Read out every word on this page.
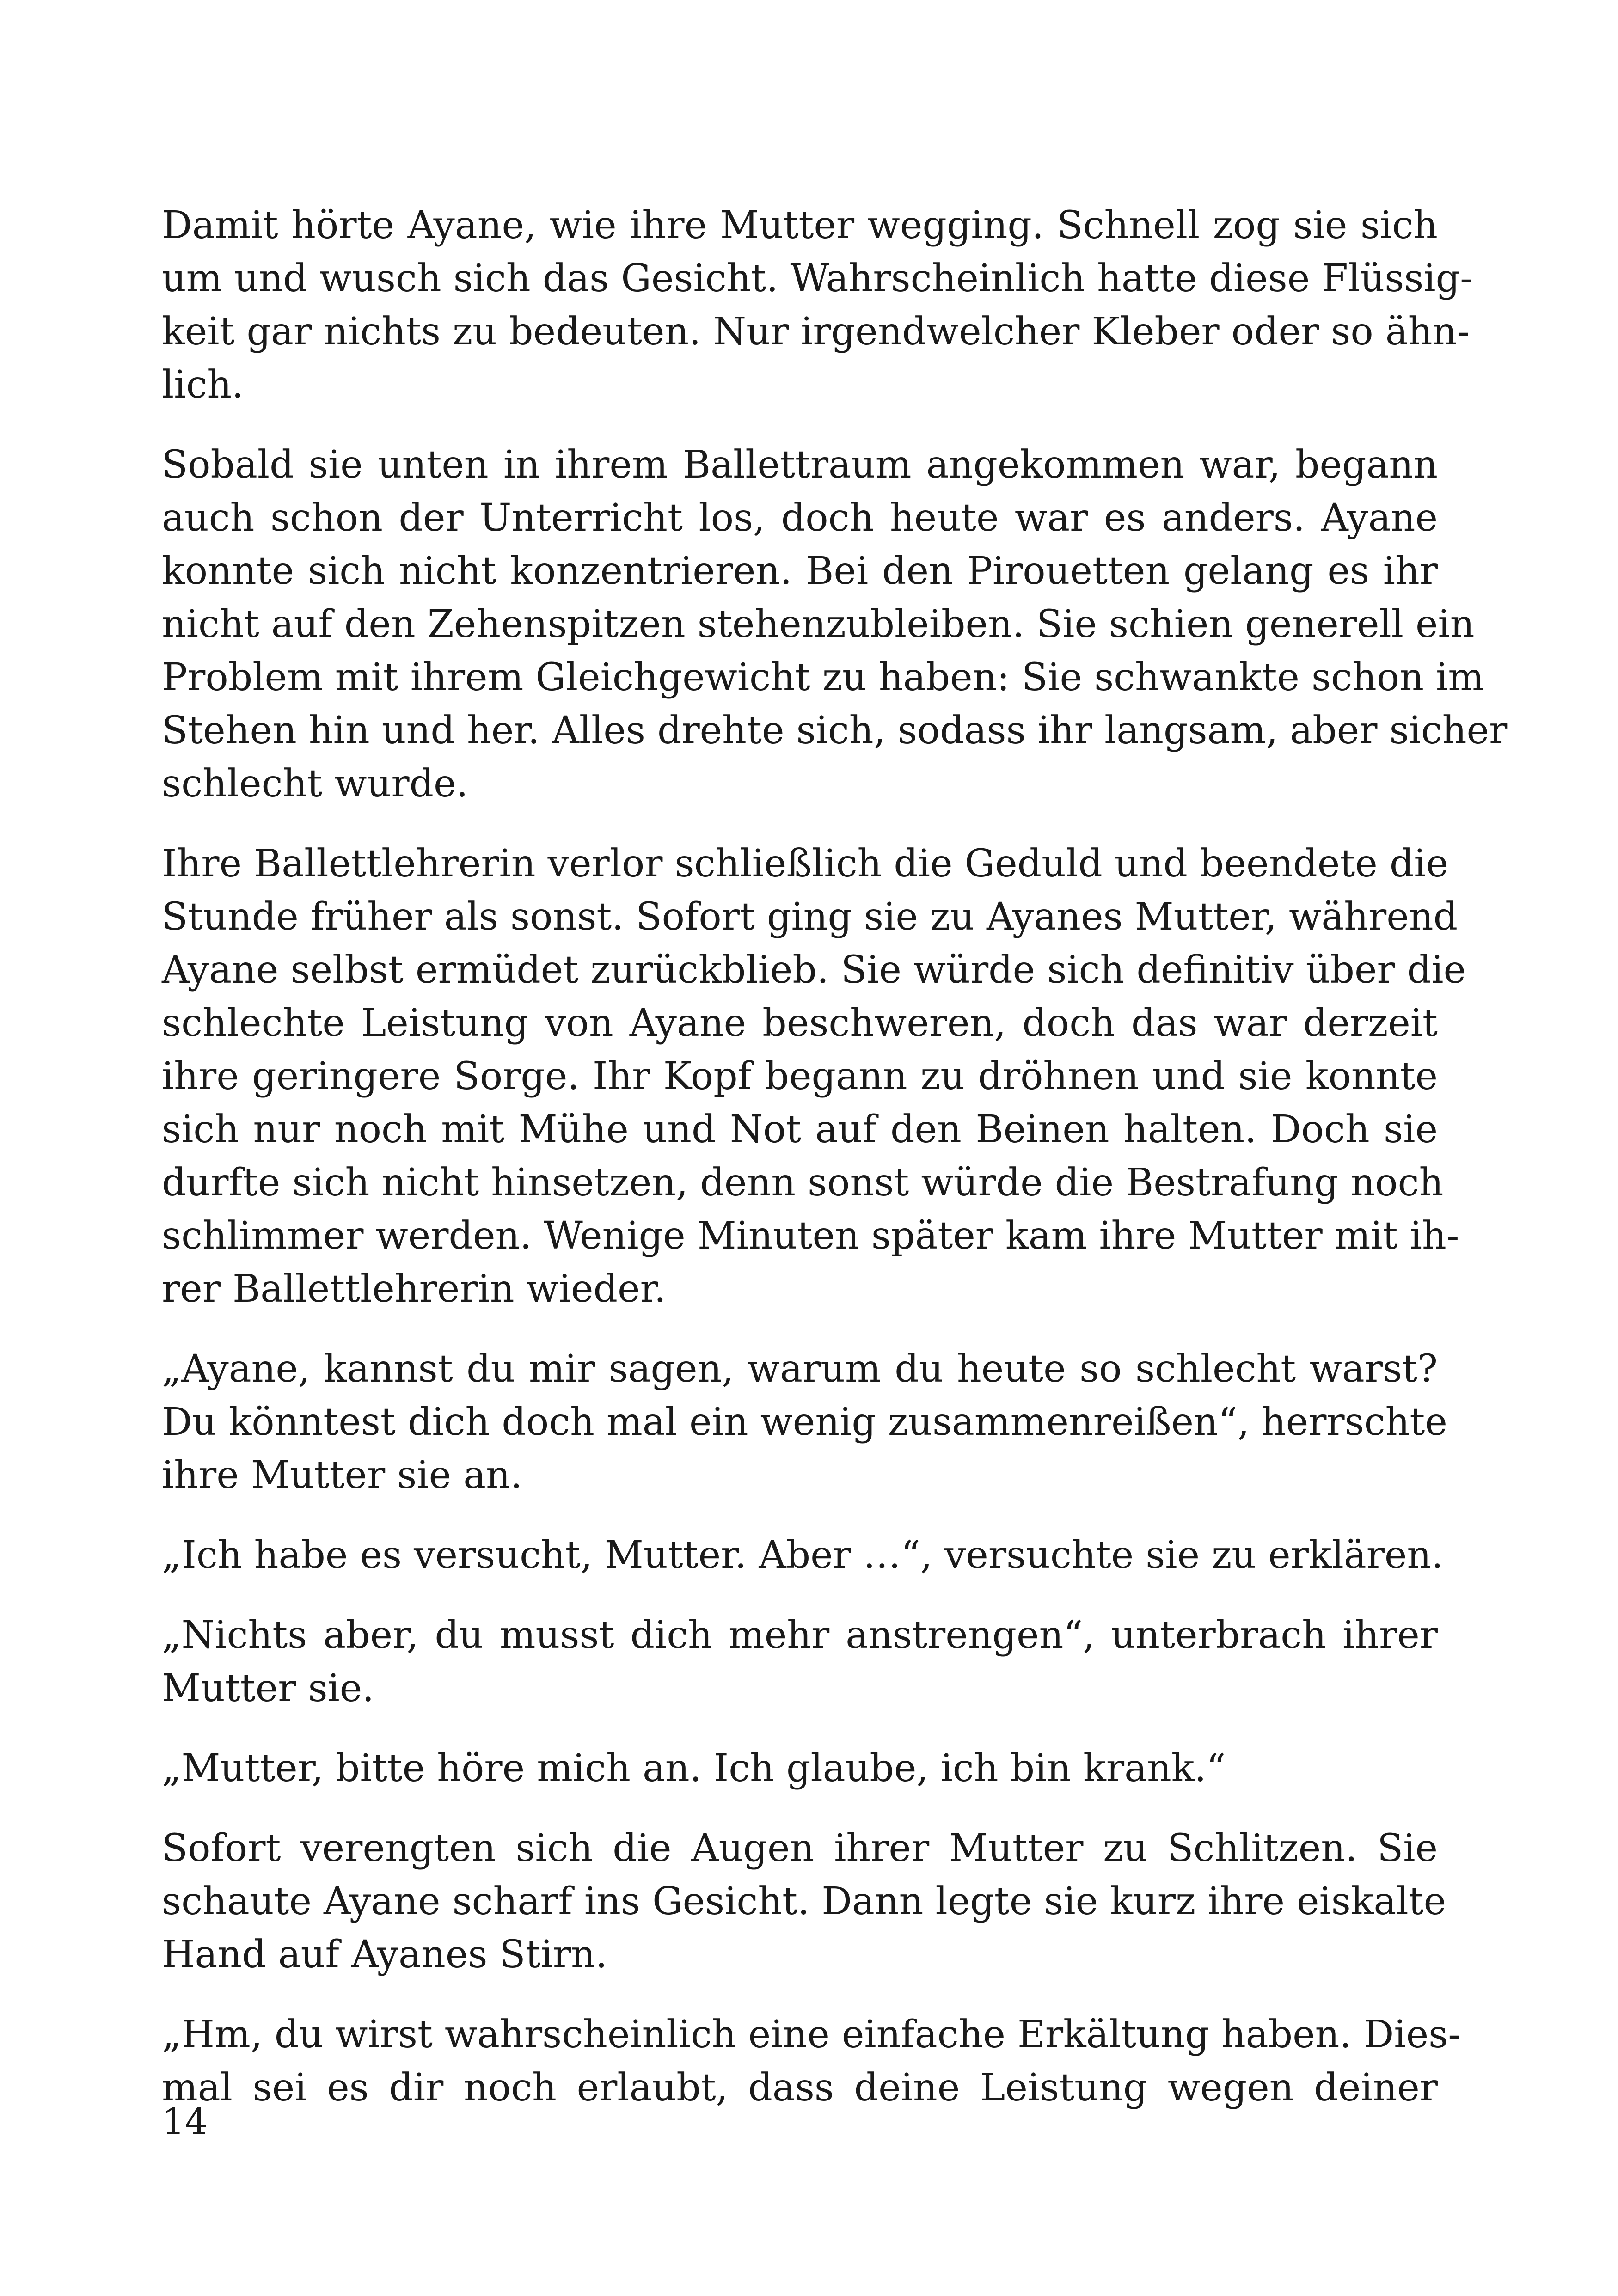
Damit hörte Ayane, wie ihre Mutter wegging. Schnell zog sie sich
um und wusch sich das Gesicht. Wahrscheinlich hatte diese Flüssig-
keit gar nichts zu bedeuten. Nur irgendwelcher Kleber oder so ähn-
lich.
Sobald sie unten in ihrem Ballettraum angekommen war, begann
auch schon der Unterricht los, doch heute war es anders. Ayane
konnte sich nicht konzentrieren. Bei den Pirouetten gelang es ihr
nicht auf den Zehenspitzen stehenzubleiben. Sie schien generell ein
Problem mit ihrem Gleichgewicht zu haben: Sie schwankte schon im
Stehen hin und her. Alles drehte sich, sodass ihr langsam, aber sicher
schlecht wurde.
Ihre Ballettlehrerin verlor schließlich die Geduld und beendete die
Stunde früher als sonst. Sofort ging sie zu Ayanes Mutter, während
Ayane selbst ermüdet zurückblieb. Sie würde sich definitiv über die
schlechte Leistung von Ayane beschweren, doch das war derzeit
ihre geringere Sorge. Ihr Kopf begann zu dröhnen und sie konnte
sich nur noch mit Mühe und Not auf den Beinen halten. Doch sie
durfte sich nicht hinsetzen, denn sonst würde die Bestrafung noch
schlimmer werden. Wenige Minuten später kam ihre Mutter mit ih-
rer Ballettlehrerin wieder.
„Ayane, kannst du mir sagen, warum du heute so schlecht warst?
Du könntest dich doch mal ein wenig zusammenreißen“, herrschte
ihre Mutter sie an.
„Ich habe es versucht, Mutter. Aber …“, versuchte sie zu erklären.
„Nichts aber, du musst dich mehr anstrengen“, unterbrach ihrer
Mutter sie.
„Mutter, bitte höre mich an. Ich glaube, ich bin krank.“
Sofort verengten sich die Augen ihrer Mutter zu Schlitzen. Sie
schaute Ayane scharf ins Gesicht. Dann legte sie kurz ihre eiskalte
Hand auf Ayanes Stirn.
„Hm, du wirst wahrscheinlich eine einfache Erkältung haben. Dies-
mal sei es dir noch erlaubt, dass deine Leistung wegen deiner
14
